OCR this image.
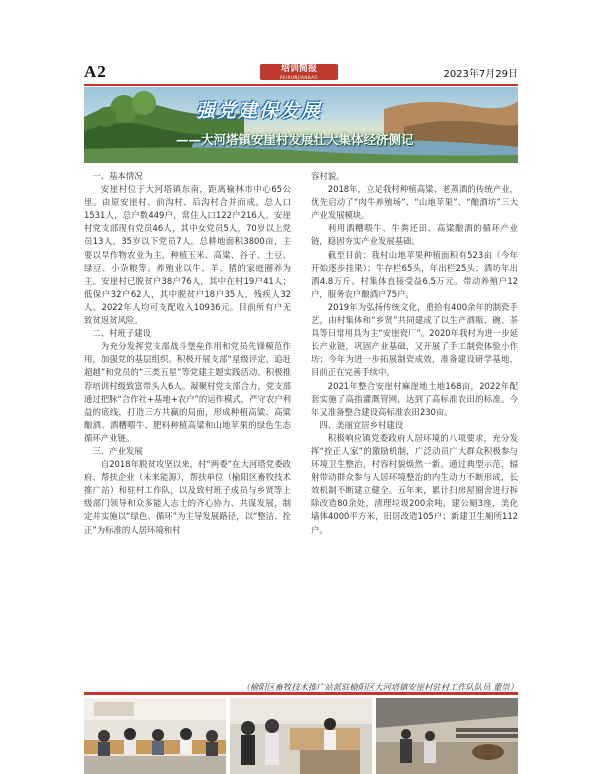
A2	培训简报
PEIXUNJIANBAO	2023年7月29日
强党建保发展
——大河塔镇安崖村发展壮大集体经济侧记

一、基本情况

安崖村位于大河塔镇东南，距离榆林市中心65公里。由原安崖村、前沟村、后沟村合并而成。总人口1531人，总户数449户，常住人口122户216人。安崖村党支部现有党员46人，其中女党员5人，70岁以上党员13人，35岁以下党员7人。总耕地面积3800亩，主要以旱作物农业为主，种植玉米、高粱、谷子、土豆、绿豆、小杂粮等。养殖业以牛、羊、猪的家庭圈养为主。安崖村已脱贫户38户76人，其中在村19户41人；低保户32户62人，其中脱贫户18户35人，残疾人32人。2022年人均可支配收入10936元。目前所有户无致贫返贫风险。

二、村班子建设

为充分发挥党支部战斗堡垒作用和党员先锋模范作用，加强党的基层组织。积极开展支部“星级评定，追赶超越”和党员的“三类五星”等党建主题实践活动。积极推荐培训村级致富带头人6人。凝聚村党支部合力，党支部通过把脉“合作社+基地+农户”的运作模式，严守农户利益的底线，打造三方共赢的局面，形成种植高粱、高粱酿酒、酒糟喂牛、肥料种植高粱和山地苹果的绿色生态循环产业链。

三、产业发展

自2018年脱贫攻坚以来，村“两委”在大河塔党委政府、帮扶企业（未来能源），帮扶单位（榆阳区畜牧技术推广站）和驻村工作队，以及致村班子成员与乡贤等上级部门领导和众多能人志士的齐心协力、共谋发展，制定并实施以“绿色、循环”为主导发展路径，以“整洁、拴正”为标准的人居环境和村

容村貌。

2018年，立足我村种植高粱、老蒸酒的传统产业，优先启动了“肉牛养殖场”、“山地苹果”、“酿酒坊”三大产业发展模块。

利用酒糟喂牛、牛粪还田、高粱酿酒的循环产业链，稳固夯实产业发展基础。

截至目前：我村山地苹果种植面积有523亩（今年开始逐步挂果）；牛存栏65头，年出栏25头；酒坊年出酒4.8万斤。村集体直接受益6.5万元。带动养殖户12户，服务农户酿酒户75户。

2019年为弘扬传统文化，重拾有400余年的制瓷手艺，由村集体和“乡贤”共同建成了以生产酒瓶、碗、茶具等日常用具为主“安崖瓷厂”。2020年我村为进一步延长产业链，巩固产业基础，又开展了手工制瓷体验小作坊；今年为进一步拓展制瓷成效，准备建设研学基地，目前正在完善手续中。

2021年整合安崖村麻崖地土地168亩，2022年配套实施了高指灌溉管网，达到了高标准农田的标准。今年又准备整合建设高标准农田230亩。

四、美丽宜居乡村建设

积极响应镇党委政府人居环境的八项要求，充分发挥“拴正人家”的激励机制，广泛动员广大群众积极参与环境卫生整治，村容村貌焕然一新。通过典型示范，辐射带动群众参与人居环境整治的内生动力不断形成，长效机制不断建立健全。五年来，累计扫房屋圈舍进行拆除改造80余处，清理垃圾200余吨，建公厕3座，美化墙体4000平方米，旧居改造105户；新建卫生厕所112户。

（榆阳区畜牧技术推广站派驻榆阳区大河塔镇安崖村驻村工作队队员 董崇）
